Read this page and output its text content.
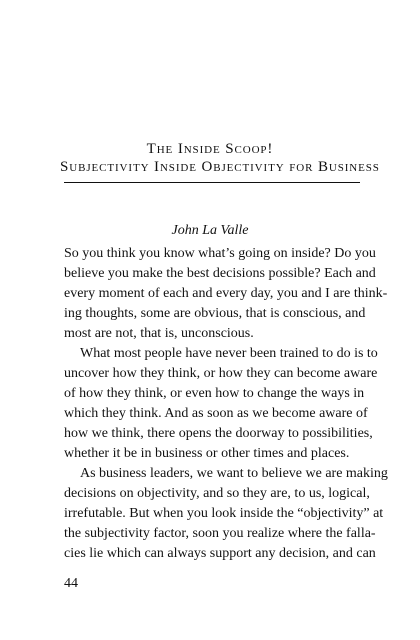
The Inside Scoop!
Subjectivity Inside Objectivity for Business
John La Valle
So you think you know what’s going on inside? Do you
believe you make the best decisions possible? Each and
every moment of each and every day, you and I are think-
ing thoughts, some are obvious, that is conscious, and
most are not, that is, unconscious.
What most people have never been trained to do is to
uncover how they think, or how they can become aware
of how they think, or even how to change the ways in
which they think. And as soon as we become aware of
how we think, there opens the doorway to possibilities,
whether it be in business or other times and places.
As business leaders, we want to believe we are making
decisions on objectivity, and so they are, to us, logical,
irrefutable. But when you look inside the “objectivity” at
the subjectivity factor, soon you realize where the falla-
cies lie which can always support any decision, and can
44
